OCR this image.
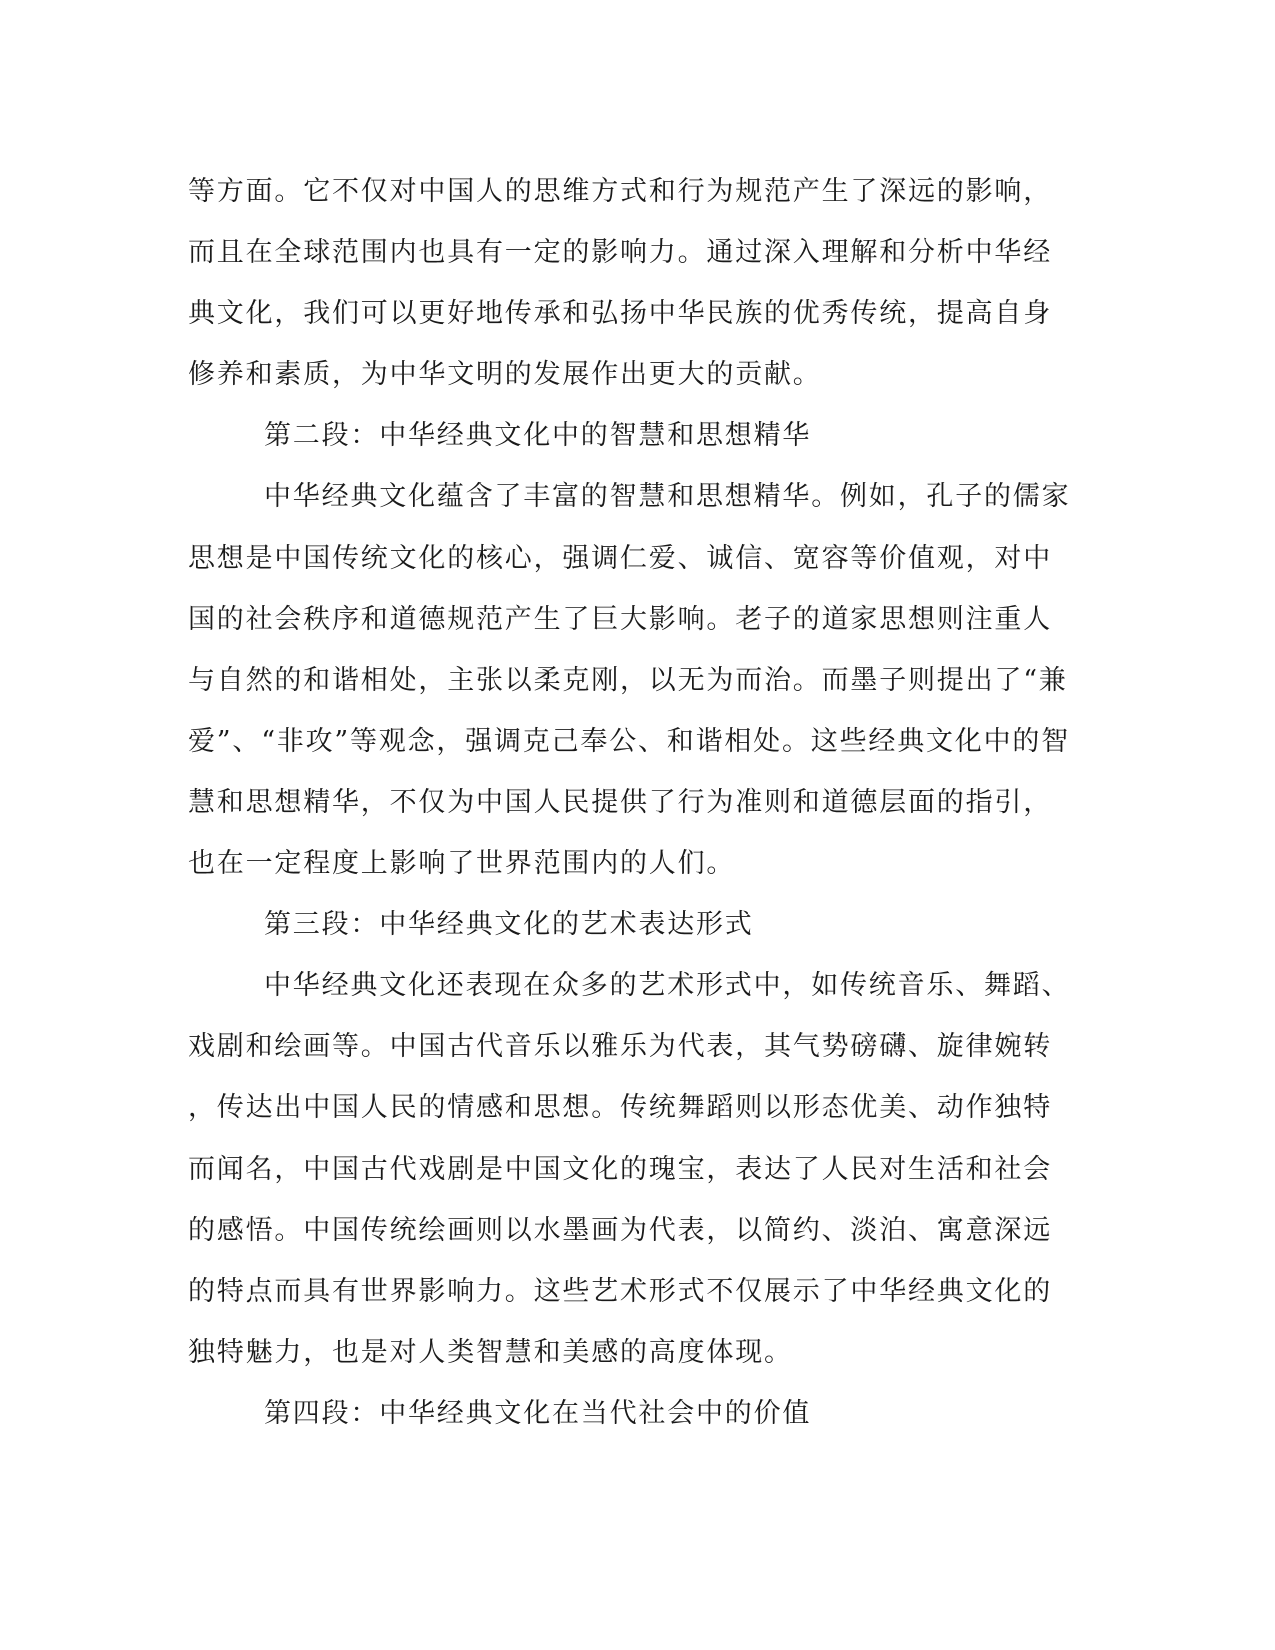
等方面。它不仅对中国人的思维方式和行为规范产生了深远的影响，
而且在全球范围内也具有一定的影响力。通过深入理解和分析中华经
典文化，我们可以更好地传承和弘扬中华民族的优秀传统，提高自身
修养和素质，为中华文明的发展作出更大的贡献。
第二段：中华经典文化中的智慧和思想精华
中华经典文化蕴含了丰富的智慧和思想精华。例如，孔子的儒家
思想是中国传统文化的核心，强调仁爱、诚信、宽容等价值观，对中
国的社会秩序和道德规范产生了巨大影响。老子的道家思想则注重人
与自然的和谐相处，主张以柔克刚，以无为而治。而墨子则提出了“兼
爱”、“非攻”等观念，强调克己奉公、和谐相处。这些经典文化中的智
慧和思想精华，不仅为中国人民提供了行为准则和道德层面的指引，
也在一定程度上影响了世界范围内的人们。
第三段：中华经典文化的艺术表达形式
中华经典文化还表现在众多的艺术形式中，如传统音乐、舞蹈、
戏剧和绘画等。中国古代音乐以雅乐为代表，其气势磅礴、旋律婉转
，传达出中国人民的情感和思想。传统舞蹈则以形态优美、动作独特
而闻名，中国古代戏剧是中国文化的瑰宝，表达了人民对生活和社会
的感悟。中国传统绘画则以水墨画为代表，以简约、淡泊、寓意深远
的特点而具有世界影响力。这些艺术形式不仅展示了中华经典文化的
独特魅力，也是对人类智慧和美感的高度体现。
第四段：中华经典文化在当代社会中的价值
